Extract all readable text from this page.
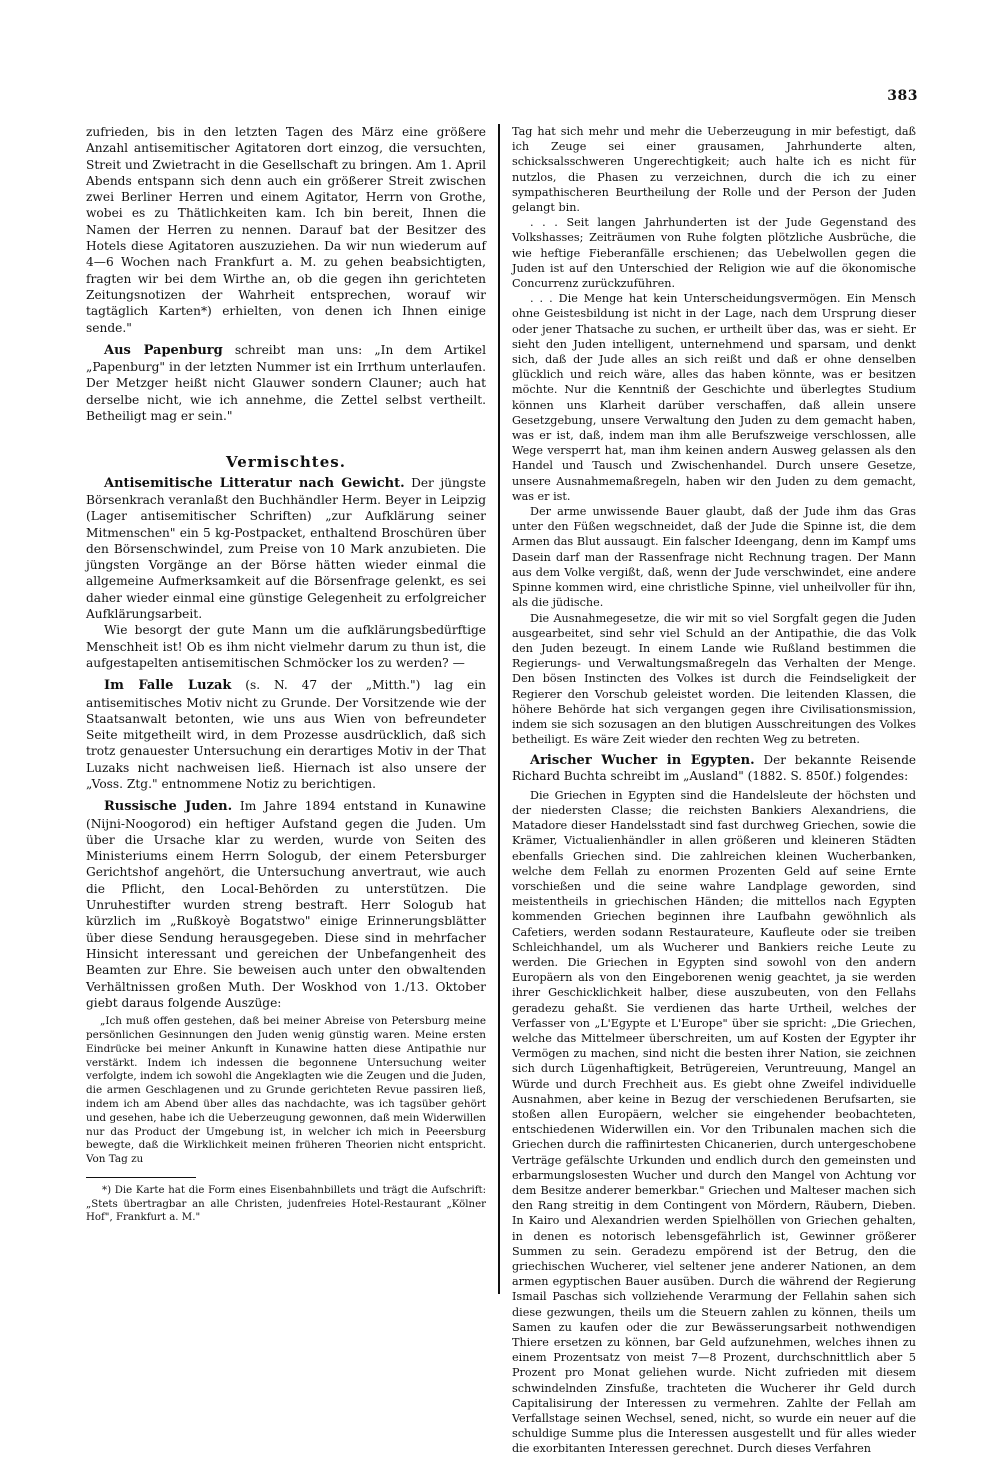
383

zufrieden, bis in den letzten Tagen des März eine größere Anzahl antisemitischer Agitatoren dort einzog, die versuchten, Streit und Zwietracht in die Gesellschaft zu bringen. Am 1. April Abends entspann sich denn auch ein größerer Streit zwischen zwei Berliner Herren und einem Agitator, Herrn von Grothe, wobei es zu Thätlichkeiten kam. Ich bin bereit, Ihnen die Namen der Herren zu nennen. Darauf bat der Besitzer des Hotels diese Agitatoren auszuziehen. Da wir nun wiederum auf 4—6 Wochen nach Frankfurt a. M. zu gehen beabsichtigten, fragten wir bei dem Wirthe an, ob die gegen ihn gerichteten Zeitungsnotizen der Wahrheit entsprechen, worauf wir tagtäglich Karten*) erhielten, von denen ich Ihnen einige sende."

Aus Papenburg schreibt man uns: „In dem Artikel „Papenburg" in der letzten Nummer ist ein Irrthum unterlaufen. Der Metzger heißt nicht Glauwer sondern Clauner; auch hat derselbe nicht, wie ich annehme, die Zettel selbst vertheilt. Betheiligt mag er sein."

Vermischtes.

Antisemitische Litteratur nach Gewicht. Der jüngste Börsenkrach veranlaßt den Buchhändler Herm. Beyer in Leipzig (Lager antisemitischer Schriften) „zur Aufklärung seiner Mitmenschen" ein 5 kg-Postpacket, enthaltend Broschüren über den Börsenschwindel, zum Preise von 10 Mark anzubieten. Die jüngsten Vorgänge an der Börse hätten wieder einmal die allgemeine Aufmerksamkeit auf die Börsenfrage gelenkt, es sei daher wieder einmal eine günstige Gelegenheit zu erfolgreicher Aufklärungsarbeit.

Wie besorgt der gute Mann um die aufklärungsbedürftige Menschheit ist! Ob es ihm nicht vielmehr darum zu thun ist, die aufgestapelten antisemitischen Schmöcker los zu werden? —

Im Falle Luzak (s. N. 47 der „Mitth.") lag ein antisemitisches Motiv nicht zu Grunde. Der Vorsitzende wie der Staatsanwalt betonten, wie uns aus Wien von befreundeter Seite mitgetheilt wird, in dem Prozesse ausdrücklich, daß sich trotz genauester Untersuchung ein derartiges Motiv in der That Luzaks nicht nachweisen ließ. Hiernach ist also unsere der „Voss. Ztg." entnommene Notiz zu berichtigen.

Russische Juden. Im Jahre 1894 entstand in Kunawine (Nijni-Noogorod) ein heftiger Aufstand gegen die Juden. Um über die Ursache klar zu werden, wurde von Seiten des Ministeriums einem Herrn Sologub, der einem Petersburger Gerichtshof angehört, die Untersuchung anvertraut, wie auch die Pflicht, den Local-Behörden zu unterstützen. Die Unruhestifter wurden streng bestraft. Herr Sologub hat kürzlich im „Rußkoyè Bogatstwo" einige Erinnerungsblätter über diese Sendung herausgegeben. Diese sind in mehrfacher Hinsicht interessant und gereichen der Unbefangenheit des Beamten zur Ehre. Sie beweisen auch unter den obwaltenden Verhältnissen großen Muth. Der Woskhod von 1./13. Oktober giebt daraus folgende Auszüge:

„Ich muß offen gestehen, daß bei meiner Abreise von Petersburg meine persönlichen Gesinnungen den Juden wenig günstig waren. Meine ersten Eindrücke bei meiner Ankunft in Kunawine hatten diese Antipathie nur verstärkt. Indem ich indessen die begonnene Untersuchung weiter verfolgte, indem ich sowohl die Angeklagten wie die Zeugen und die Juden, die armen Geschlagenen und zu Grunde gerichteten Revue passiren ließ, indem ich am Abend über alles das nachdachte, was ich tagsüber gehört und gesehen, habe ich die Ueberzeugung gewonnen, daß mein Widerwillen nur das Product der Umgebung ist, in welcher ich mich in Peeersburg bewegte, daß die Wirklichkeit meinen früheren Theorien nicht entspricht. Von Tag zu

*) Die Karte hat die Form eines Eisenbahnbillets und trägt die Aufschrift: „Stets übertragbar an alle Christen, judenfreies Hotel-Restaurant „Kölner Hof", Frankfurt a. M."

Tag hat sich mehr und mehr die Ueberzeugung in mir befestigt, daß ich Zeuge sei einer grausamen, Jahrhunderte alten, schicksalsschweren Ungerechtigkeit; auch halte ich es nicht für nutzlos, die Phasen zu verzeichnen, durch die ich zu einer sympathischeren Beurtheilung der Rolle und der Person der Juden gelangt bin.

. . . Seit langen Jahrhunderten ist der Jude Gegenstand des Volkshasses; Zeiträumen von Ruhe folgten plötzliche Ausbrüche, die wie heftige Fieberanfälle erschienen; das Uebelwollen gegen die Juden ist auf den Unterschied der Religion wie auf die ökonomische Concurrenz zurückzuführen.

. . . Die Menge hat kein Unterscheidungsvermögen. Ein Mensch ohne Geistesbildung ist nicht in der Lage, nach dem Ursprung dieser oder jener Thatsache zu suchen, er urtheilt über das, was er sieht. Er sieht den Juden intelligent, unternehmend und sparsam, und denkt sich, daß der Jude alles an sich reißt und daß er ohne denselben glücklich und reich wäre, alles das haben könnte, was er besitzen möchte. Nur die Kenntniß der Geschichte und überlegtes Studium können uns Klarheit darüber verschaffen, daß allein unsere Gesetzgebung, unsere Verwaltung den Juden zu dem gemacht haben, was er ist, daß, indem man ihm alle Berufszweige verschlossen, alle Wege versperrt hat, man ihm keinen andern Ausweg gelassen als den Handel und Tausch und Zwischenhandel. Durch unsere Gesetze, unsere Ausnahmemaßregeln, haben wir den Juden zu dem gemacht, was er ist.

Der arme unwissende Bauer glaubt, daß der Jude ihm das Gras unter den Füßen wegschneidet, daß der Jude die Spinne ist, die dem Armen das Blut aussaugt. Ein falscher Ideengang, denn im Kampf ums Dasein darf man der Rassenfrage nicht Rechnung tragen. Der Mann aus dem Volke vergißt, daß, wenn der Jude verschwindet, eine andere Spinne kommen wird, eine christliche Spinne, viel unheilvoller für ihn, als die jüdische.

Die Ausnahmegesetze, die wir mit so viel Sorgfalt gegen die Juden ausgearbeitet, sind sehr viel Schuld an der Antipathie, die das Volk den Juden bezeugt. In einem Lande wie Rußland bestimmen die Regierungs- und Verwaltungsmaßregeln das Verhalten der Menge. Den bösen Instincten des Volkes ist durch die Feindseligkeit der Regierer den Vorschub geleistet worden. Die leitenden Klassen, die höhere Behörde hat sich vergangen gegen ihre Civilisationsmission, indem sie sich sozusagen an den blutigen Ausschreitungen des Volkes betheiligt. Es wäre Zeit wieder den rechten Weg zu betreten.

Arischer Wucher in Egypten. Der bekannte Reisende Richard Buchta schreibt im „Ausland" (1882. S. 850f.) folgendes:

Die Griechen in Egypten sind die Handelsleute der höchsten und der niedersten Classe; die reichsten Bankiers Alexandriens, die Matadore dieser Handelsstadt sind fast durchweg Griechen, sowie die Krämer, Victualienhändler in allen größeren und kleineren Städten ebenfalls Griechen sind. Die zahlreichen kleinen Wucherbanken, welche dem Fellah zu enormen Prozenten Geld auf seine Ernte vorschießen und die seine wahre Landplage geworden, sind meistentheils in griechischen Händen; die mittellos nach Egypten kommenden Griechen beginnen ihre Laufbahn gewöhnlich als Cafetiers, werden sodann Restaurateure, Kaufleute oder sie treiben Schleichhandel, um als Wucherer und Bankiers reiche Leute zu werden. Die Griechen in Egypten sind sowohl von den andern Europäern als von den Eingeborenen wenig geachtet, ja sie werden ihrer Geschicklichkeit halber, diese auszubeuten, von den Fellahs geradezu gehaßt. Sie verdienen das harte Urtheil, welches der Verfasser von „L'Egypte et L'Europe" über sie spricht: „Die Griechen, welche das Mittelmeer überschreiten, um auf Kosten der Egypter ihr Vermögen zu machen, sind nicht die besten ihrer Nation, sie zeichnen sich durch Lügenhaftigkeit, Betrügereien, Veruntreuung, Mangel an Würde und durch Frechheit aus. Es giebt ohne Zweifel individuelle Ausnahmen, aber keine in Bezug der verschiedenen Berufsarten, sie stoßen allen Europäern, welcher sie eingehender beobachteten, entschiedenen Widerwillen ein. Vor den Tribunalen machen sich die Griechen durch die raffinirtesten Chicanerien, durch untergeschobene Verträge gefälschte Urkunden und endlich durch den gemeinsten und erbarmungslosesten Wucher und durch den Mangel von Achtung vor dem Besitze anderer bemerkbar." Griechen und Malteser machen sich den Rang streitig in dem Contingent von Mördern, Räubern, Dieben. In Kairo und Alexandrien werden Spielhöllen von Griechen gehalten, in denen es notorisch lebensgefährlich ist, Gewinner größerer Summen zu sein. Geradezu empörend ist der Betrug, den die griechischen Wucherer, viel seltener jene anderer Nationen, an dem armen egyptischen Bauer ausüben. Durch die während der Regierung Ismail Paschas sich vollziehende Verarmung der Fellahin sahen sich diese gezwungen, theils um die Steuern zahlen zu können, theils um Samen zu kaufen oder die zur Bewässerungsarbeit nothwendigen Thiere ersetzen zu können, bar Geld aufzunehmen, welches ihnen zu einem Prozentsatz von meist 7—8 Prozent, durchschnittlich aber 5 Prozent pro Monat geliehen wurde. Nicht zufrieden mit diesem schwindelnden Zinsfuße, trachteten die Wucherer ihr Geld durch Capitalisirung der Interessen zu vermehren. Zahlte der Fellah am Verfallstage seinen Wechsel, sened, nicht, so wurde ein neuer auf die schuldige Summe plus die Interessen ausgestellt und für alles wieder die exorbitanten Interessen gerechnet. Durch dieses Verfahren
